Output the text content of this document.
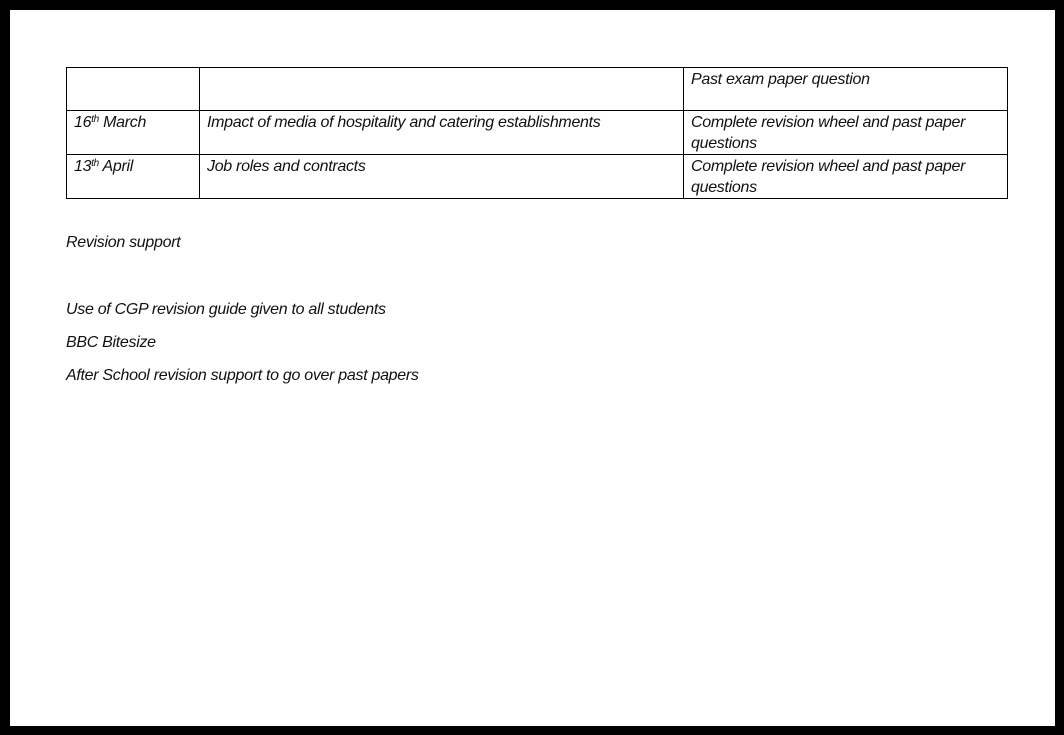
		Past exam paper question
16th March	Impact of media of hospitality and catering establishments	Complete revision wheel and past paper questions
13th April	Job roles and contracts	Complete revision wheel and past paper questions
Revision support
Use of CGP revision guide given to all students
BBC Bitesize
After School revision support to go over past papers
